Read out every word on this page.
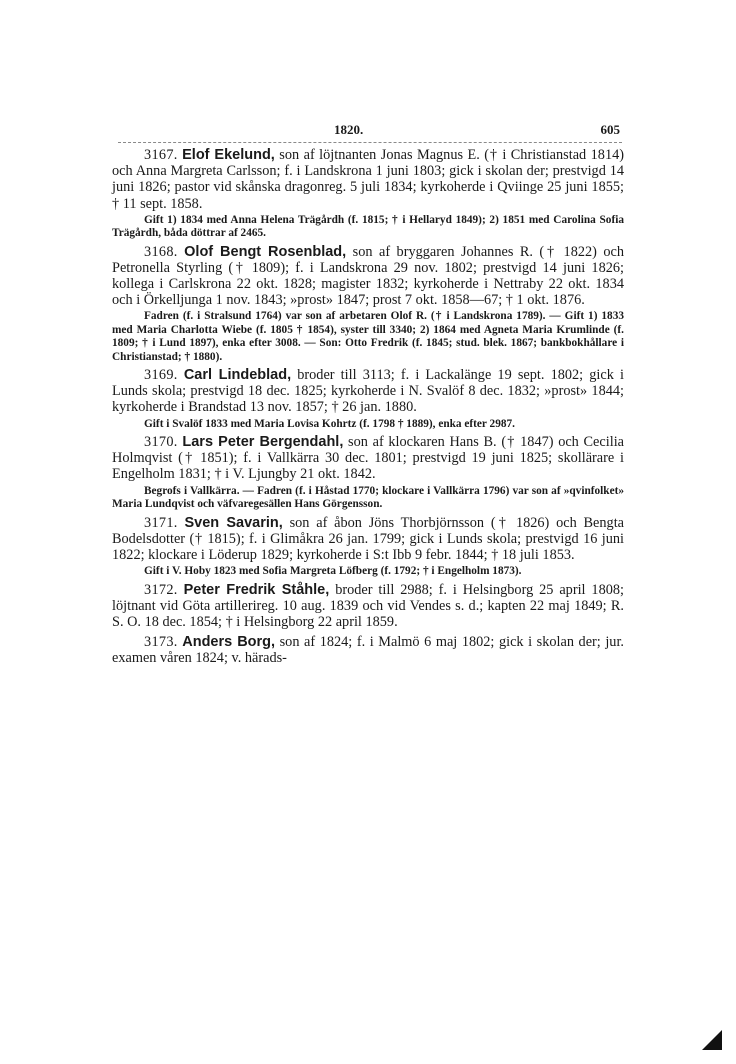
1820.	605

3167. Elof Ekelund, son af löjtnanten Jonas Magnus E. († i Christianstad 1814) och Anna Margreta Carlsson; f. i Landskrona 1 juni 1803; gick i skolan der; prestvigd 14 juni 1826; pastor vid skånska dragonreg. 5 juli 1834; kyrkoherde i Qviinge 25 juni 1855; † 11 sept. 1858.

Gift 1) 1834 med Anna Helena Trägårdh (f. 1815; † i Hellaryd 1849); 2) 1851 med Carolina Sofia Trägårdh, båda döttrar af 2465.

3168. Olof Bengt Rosenblad, son af bryggaren Johannes R. († 1822) och Petronella Styrling († 1809); f. i Landskrona 29 nov. 1802; prestvigd 14 juni 1826; kollega i Carlskrona 22 okt. 1828; magister 1832; kyrkoherde i Nettraby 22 okt. 1834 och i Örkelljunga 1 nov. 1843; »prost» 1847; prost 7 okt. 1858—67; † 1 okt. 1876.

Fadren (f. i Stralsund 1764) var son af arbetaren Olof R. († i Landskrona 1789). — Gift 1) 1833 med Maria Charlotta Wiebe (f. 1805 † 1854), syster till 3340; 2) 1864 med Agneta Maria Krumlinde (f. 1809; † i Lund 1897), enka efter 3008. — Son: Otto Fredrik (f. 1845; stud. blek. 1867; bankbokhållare i Christianstad; † 1880).

3169. Carl Lindeblad, broder till 3113; f. i Lackalänge 19 sept. 1802; gick i Lunds skola; prestvigd 18 dec. 1825; kyrkoherde i N. Svalöf 8 dec. 1832; »prost» 1844; kyrkoherde i Brandstad 13 nov. 1857; † 26 jan. 1880.

Gift i Svalöf 1833 med Maria Lovisa Kohrtz (f. 1798 † 1889), enka efter 2987.

3170. Lars Peter Bergendahl, son af klockaren Hans B. († 1847) och Cecilia Holmqvist († 1851); f. i Vallkärra 30 dec. 1801; prestvigd 19 juni 1825; skollärare i Engelholm 1831; † i V. Ljungby 21 okt. 1842.

Begrofs i Vallkärra. — Fadren (f. i Håstad 1770; klockare i Vallkärra 1796) var son af »qvinfolket» Maria Lundqvist och väfvaregesällen Hans Görgensson.

3171. Sven Savarin, son af åbon Jöns Thorbjörnsson († 1826) och Bengta Bodelsdotter († 1815); f. i Glimåkra 26 jan. 1799; gick i Lunds skola; prestvigd 16 juni 1822; klockare i Löderup 1829; kyrkoherde i S:t Ibb 9 febr. 1844; † 18 juli 1853.

Gift i V. Hoby 1823 med Sofia Margreta Löfberg (f. 1792; † i Engelholm 1873).

3172. Peter Fredrik Ståhle, broder till 2988; f. i Helsingborg 25 april 1808; löjtnant vid Göta artillerireg. 10 aug. 1839 och vid Vendes s. d.; kapten 22 maj 1849; R. S. O. 18 dec. 1854; † i Helsingborg 22 april 1859.

3173. Anders Borg, son af 1824; f. i Malmö 6 maj 1802; gick i skolan der; jur. examen våren 1824; v. härads-
